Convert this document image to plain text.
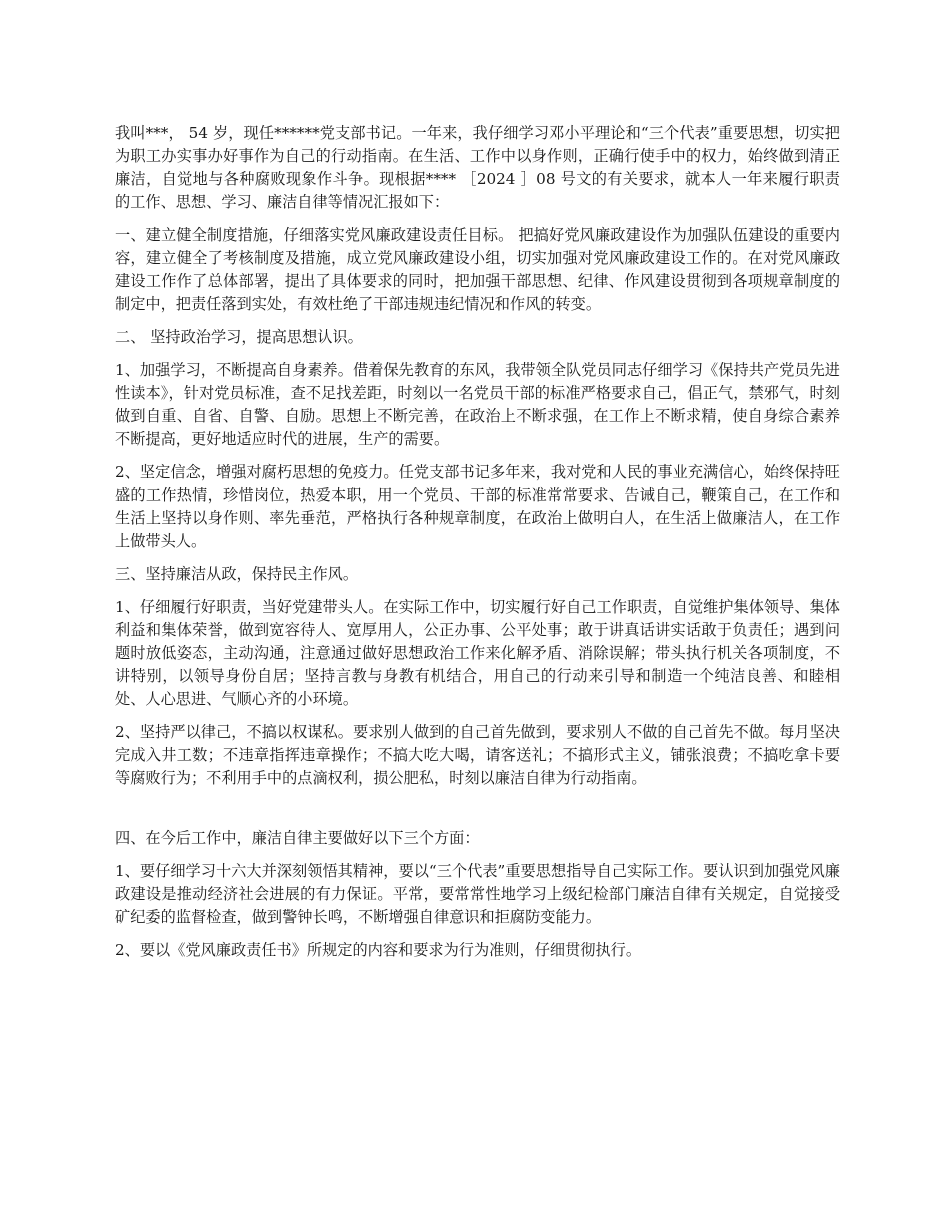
我叫***， 54 岁，现任******党支部书记。一年来，我仔细学习邓小平理论和“三个代表”重要思想，切实把为职工办实事办好事作为自己的行动指南。在生活、工作中以身作则，正确行使手中的权力，始终做到清正廉洁，自觉地与各种腐败现象作斗争。现根据**** ［2024 ］08 号文的有关要求，就本人一年来履行职责的工作、思想、学习、廉洁自律等情况汇报如下：

一、建立健全制度措施，仔细落实党风廉政建设责任目标。 把搞好党风廉政建设作为加强队伍建设的重要内容，建立健全了考核制度及措施，成立党风廉政建设小组，切实加强对党风廉政建设工作的。在对党风廉政建设工作作了总体部署，提出了具体要求的同时，把加强干部思想、纪律、作风建设贯彻到各项规章制度的制定中，把责任落到实处，有效杜绝了干部违规违纪情况和作风的转变。

二、 坚持政治学习，提高思想认识。

1、加强学习，不断提高自身素养。借着保先教育的东风，我带领全队党员同志仔细学习《保持共产党员先进性读本》，针对党员标准，查不足找差距，时刻以一名党员干部的标准严格要求自己，倡正气，禁邪气，时刻做到自重、自省、自警、自励。思想上不断完善，在政治上不断求强，在工作上不断求精，使自身综合素养不断提高，更好地适应时代的进展，生产的需要。

2、坚定信念，增强对腐朽思想的免疫力。任党支部书记多年来，我对党和人民的事业充满信心，始终保持旺盛的工作热情，珍惜岗位，热爱本职，用一个党员、干部的标准常常要求、告诫自己，鞭策自己，在工作和生活上坚持以身作则、率先垂范，严格执行各种规章制度，在政治上做明白人，在生活上做廉洁人，在工作上做带头人。

三、坚持廉洁从政，保持民主作风。

1、仔细履行好职责，当好党建带头人。在实际工作中，切实履行好自己工作职责，自觉维护集体领导、集体利益和集体荣誉，做到宽容待人、宽厚用人，公正办事、公平处事；敢于讲真话讲实话敢于负责任；遇到问题时放低姿态，主动沟通，注意通过做好思想政治工作来化解矛盾、消除误解；带头执行机关各项制度，不讲特别，以领导身份自居；坚持言教与身教有机结合，用自己的行动来引导和制造一个纯洁良善、和睦相处、人心思进、气顺心齐的小环境。

2、坚持严以律己，不搞以权谋私。要求别人做到的自己首先做到，要求别人不做的自己首先不做。每月坚决完成入井工数；不违章指挥违章操作；不搞大吃大喝，请客送礼；不搞形式主义，铺张浪费；不搞吃拿卡要等腐败行为；不利用手中的点滴权利，损公肥私，时刻以廉洁自律为行动指南。

四、在今后工作中，廉洁自律主要做好以下三个方面：

1、要仔细学习十六大并深刻领悟其精神，要以“三个代表”重要思想指导自己实际工作。要认识到加强党风廉政建设是推动经济社会进展的有力保证。平常，要常常性地学习上级纪检部门廉洁自律有关规定，自觉接受矿纪委的监督检查，做到警钟长鸣，不断增强自律意识和拒腐防变能力。

2、要以《党风廉政责任书》所规定的内容和要求为行为准则，仔细贯彻执行。
